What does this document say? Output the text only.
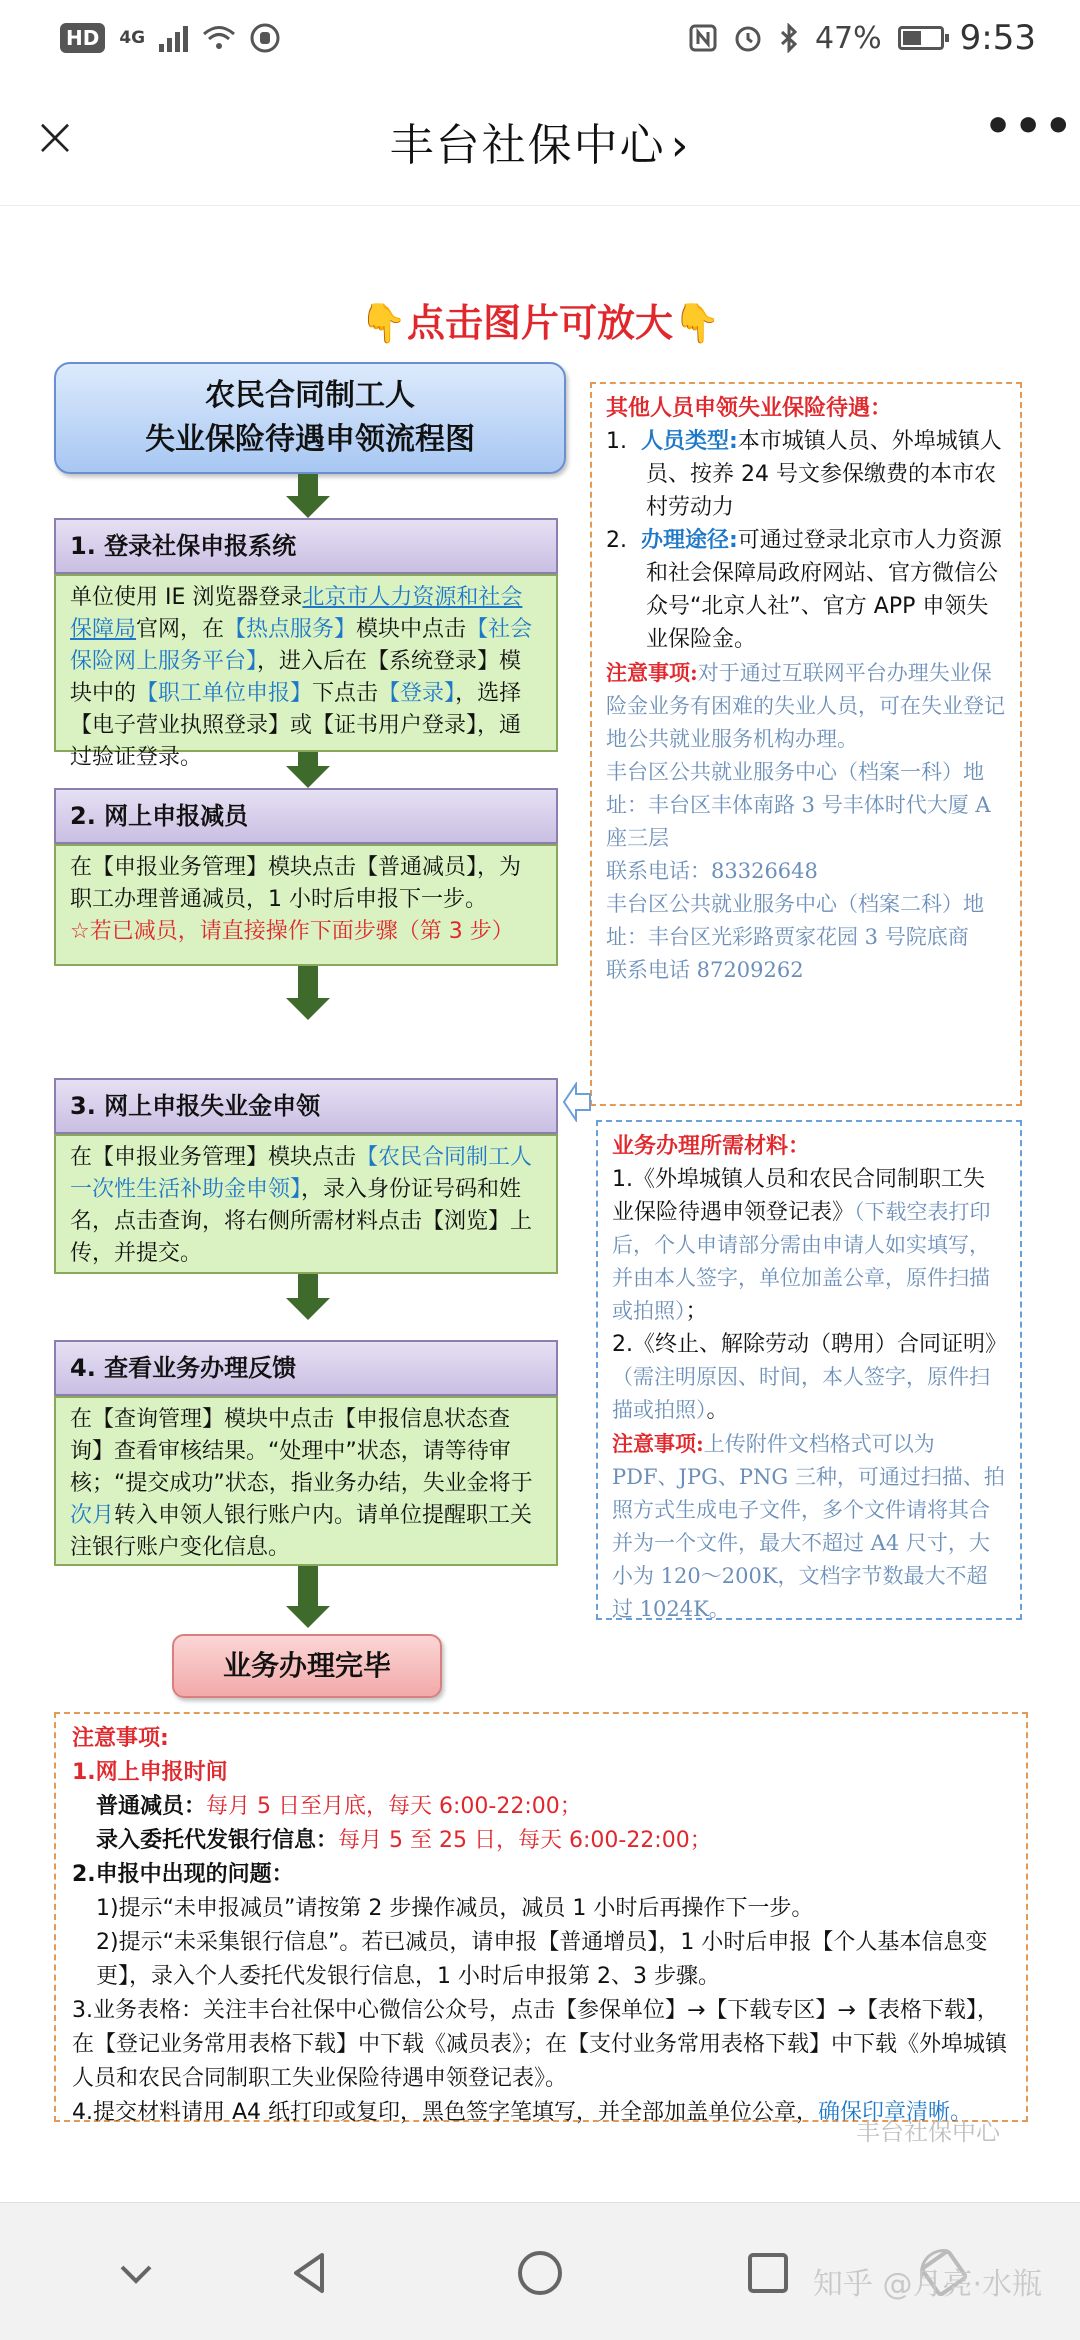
HD	4G	47% 9:53
×	丰台社保中心 ›	•••
👇点击图片可放大👇
农民合同制工人
失业保险待遇申领流程图
1. 登录社保申报系统
单位使用 IE 浏览器登录北京市人力资源和社会保障局官网，在【热点服务】模块中点击【社会保险网上服务平台】，进入后在【系统登录】模块中的【职工单位申报】下点击【登录】，选择【电子营业执照登录】或【证书用户登录】，通过验证登录。
2. 网上申报减员
在【申报业务管理】模块点击【普通减员】，为职工办理普通减员，1 小时后申报下一步。
☆若已减员，请直接操作下面步骤（第 3 步）
3. 网上申报失业金申领
在【申报业务管理】模块点击【农民合同制工人一次性生活补助金申领】，录入身份证号码和姓名，点击查询，将右侧所需材料点击【浏览】上传，并提交。
4. 查看业务办理反馈
在【查询管理】模块中点击【申报信息状态查询】查看审核结果。“处理中”状态，请等待审核；“提交成功”状态，指业务办结，失业金将于次月转入申领人银行账户内。请单位提醒职工关注银行账户变化信息。
业务办理完毕
其他人员申领失业保险待遇：
1.  人员类型:本市城镇人员、外埠城镇人员、按养 24 号文参保缴费的本市农村劳动力
2.  办理途径:可通过登录北京市人力资源和社会保障局政府网站、官方微信公众号“北京人社”、官方 APP 申领失业保险金。
注意事项:对于通过互联网平台办理失业保险金业务有困难的失业人员，可在失业登记地公共就业服务机构办理。
丰台区公共就业服务中心（档案一科）地址：丰台区丰体南路 3 号丰体时代大厦 A 座三层
联系电话：83326648
丰台区公共就业服务中心（档案二科）地址：丰台区光彩路贾家花园 3 号院底商
联系电话 87209262
业务办理所需材料：
1.《外埠城镇人员和农民合同制职工失业保险待遇申领登记表》（下载空表打印后，个人申请部分需由申请人如实填写，并由本人签字，单位加盖公章，原件扫描或拍照）；
2.《终止、解除劳动（聘用）合同证明》（需注明原因、时间，本人签字，原件扫描或拍照）。
注意事项:上传附件文档格式可以为 PDF、JPG、PNG 三种，可通过扫描、拍照方式生成电子文件，多个文件请将其合并为一个文件，最大不超过 A4 尺寸，大小为 120～200K，文档字节数最大不超过 1024K。
注意事项:
1.网上申报时间
普通减员：每月 5 日至月底，每天 6:00-22:00；
录入委托代发银行信息：每月 5 至 25 日，每天 6:00-22:00；
2.申报中出现的问题：
1)提示“未申报减员”请按第 2 步操作减员，减员 1 小时后再操作下一步。
2)提示“未采集银行信息”。若已减员，请申报【普通增员】，1 小时后申报【个人基本信息变更】，录入个人委托代发银行信息，1 小时后申报第 2、3 步骤。
3.业务表格：关注丰台社保中心微信公众号，点击【参保单位】→【下载专区】→【表格下载】，在【登记业务常用表格下载】中下载《减员表》；在【支付业务常用表格下载】中下载《外埠城镇人员和农民合同制职工失业保险待遇申领登记表》。
4.提交材料请用 A4 纸打印或复印，黑色签字笔填写，并全部加盖单位公章，确保印章清晰。
丰台社保中心
知乎 @月亮·水瓶
